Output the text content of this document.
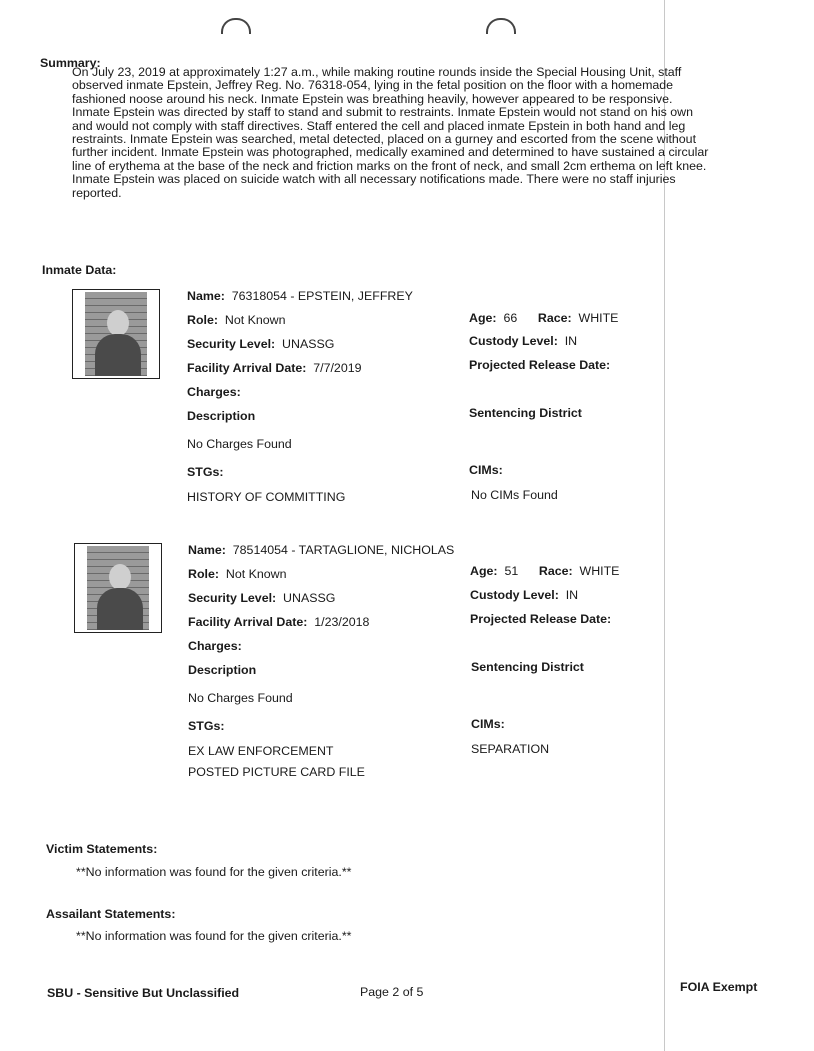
Summary:
On July 23, 2019 at approximately 1:27 a.m., while making routine rounds inside the Special Housing Unit, staff
observed inmate Epstein, Jeffrey Reg. No. 76318-054, lying in the fetal position on the floor with a homemade
fashioned noose around his neck. Inmate Epstein was breathing heavily, however appeared to be responsive.
Inmate Epstein was directed by staff to stand and submit to restraints. Inmate Epstein would not stand on his own
and would not comply with staff directives. Staff entered the cell and placed inmate Epstein in both hand and leg
restraints. Inmate Epstein was searched, metal detected, placed on a gurney and escorted from the scene without
further incident. Inmate Epstein was photographed, medically examined and determined to have sustained a circular
line of erythema at the base of the neck and friction marks on the front of neck, and small 2cm erthema on left knee.
Inmate Epstein was placed on suicide watch with all necessary notifications made. There were no staff injuries
reported.
Inmate Data:
Name: 76318054 - EPSTEIN, JEFFREY
Role: Not Known
Security Level: UNASSG
Facility Arrival Date: 7/7/2019
Charges:
Description
No Charges Found
STGs:
HISTORY OF COMMITTING
Age: 66 Race: WHITE
Custody Level: IN
Projected Release Date:
Sentencing District
CIMs:
No CIMs Found
Name: 78514054 - TARTAGLIONE, NICHOLAS
Role: Not Known
Security Level: UNASSG
Facility Arrival Date: 1/23/2018
Charges:
Description
No Charges Found
STGs:
EX LAW ENFORCEMENT
POSTED PICTURE CARD FILE
Age: 51 Race: WHITE
Custody Level: IN
Projected Release Date:
Sentencing District
CIMs:
SEPARATION
Victim Statements:
**No information was found for the given criteria.**
Assailant Statements:
**No information was found for the given criteria.**
SBU - Sensitive But Unclassified	Page 2 of 5	FOIA Exempt
